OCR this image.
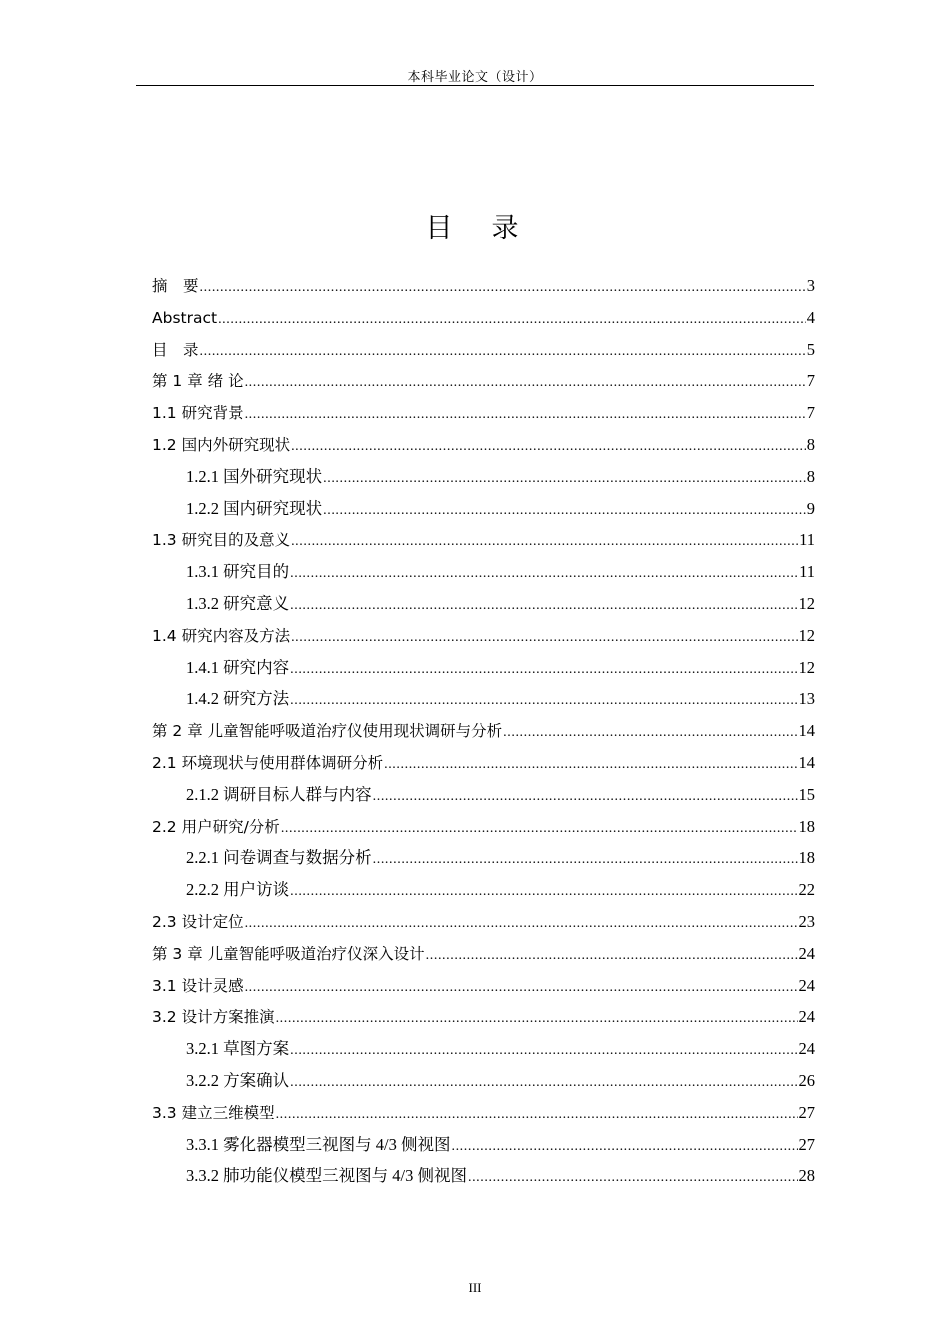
本科毕业论文（设计）
目　录
摘　要 .....	3
Abstract .....	4
目　录 .....	5
第 1 章 绪 论 .....	7
1.1 研究背景 .....	7
1.2 国内外研究现状 .....	8
1.2.1 国外研究现状 .....	8
1.2.2 国内研究现状 .....	9
1.3 研究目的及意义 .....	11
1.3.1 研究目的 .....	11
1.3.2 研究意义 .....	12
1.4 研究内容及方法 .....	12
1.4.1 研究内容 .....	12
1.4.2 研究方法 .....	13
第 2 章 儿童智能呼吸道治疗仪使用现状调研与分析 .....	14
2.1 环境现状与使用群体调研分析 .....	14
2.1.2 调研目标人群与内容 .....	15
2.2 用户研究/分析 .....	18
2.2.1 问卷调查与数据分析 .....	18
2.2.2 用户访谈 .....	22
2.3 设计定位 .....	23
第 3 章 儿童智能呼吸道治疗仪深入设计 .....	24
3.1 设计灵感 .....	24
3.2 设计方案推演 .....	24
3.2.1 草图方案 .....	24
3.2.2 方案确认 .....	26
3.3 建立三维模型 .....	27
3.3.1 雾化器模型三视图与 4/3 侧视图 .....	27
3.3.2 肺功能仪模型三视图与 4/3 侧视图 .....	28
III
